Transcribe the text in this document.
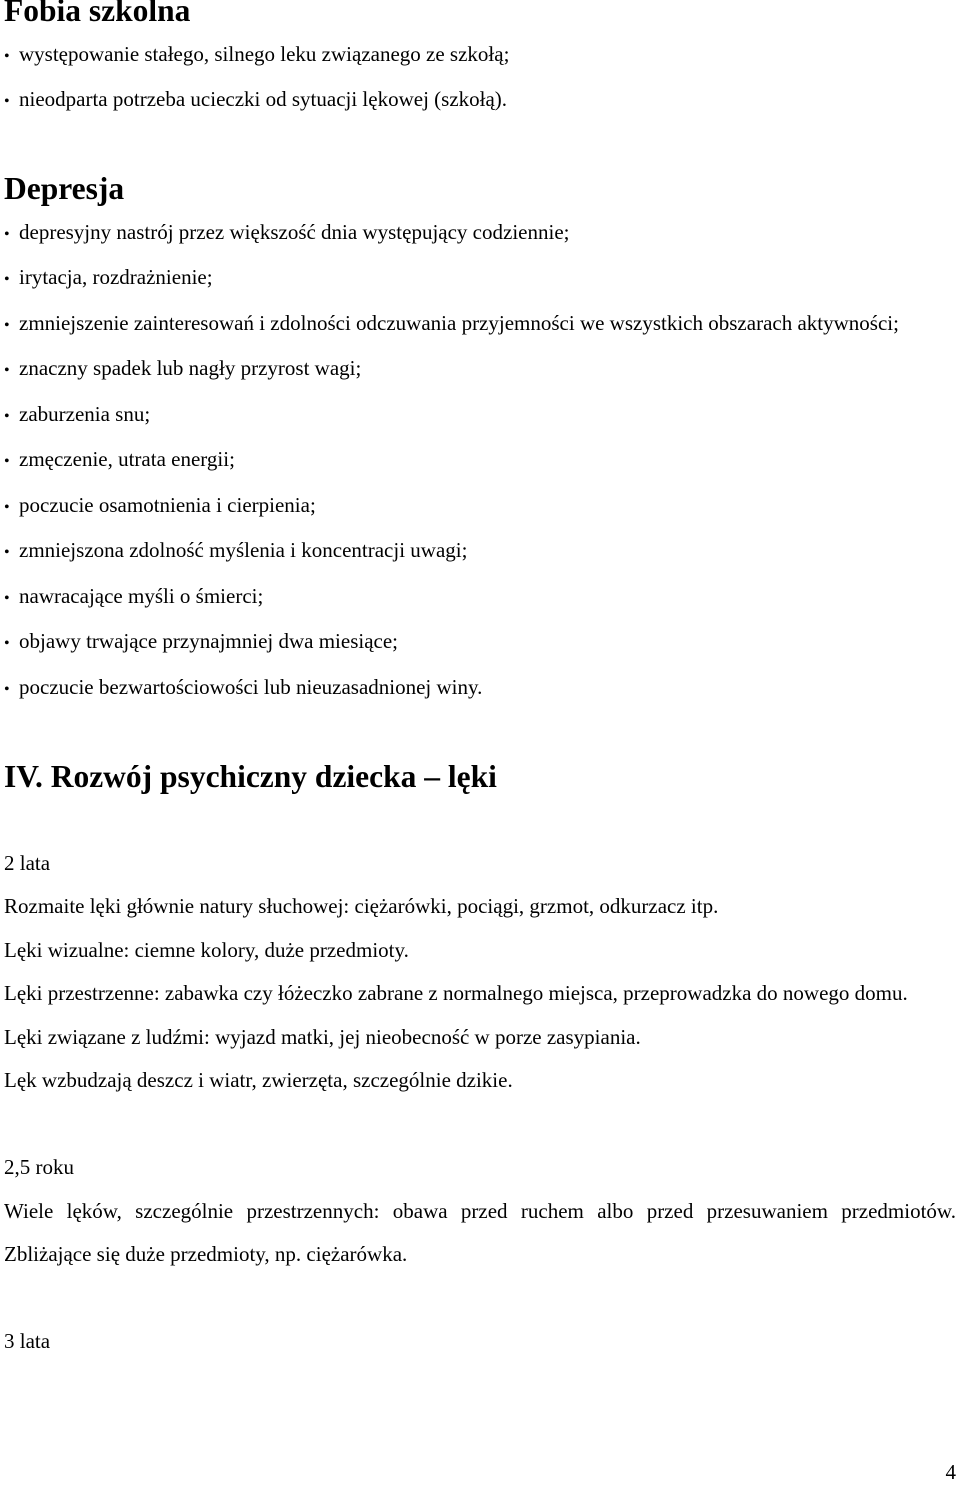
Fobia szkolna
• występowanie stałego, silnego leku związanego ze szkołą;
• nieodparta potrzeba ucieczki od sytuacji lękowej (szkołą).
Depresja
• depresyjny nastrój przez większość dnia występujący codziennie;
• irytacja, rozdrażnienie;
• zmniejszenie zainteresowań i zdolności odczuwania przyjemności we wszystkich obszarach aktywności;
• znaczny spadek lub nagły przyrost wagi;
• zaburzenia snu;
• zmęczenie, utrata energii;
• poczucie osamotnienia i cierpienia;
• zmniejszona zdolność myślenia i koncentracji uwagi;
• nawracające myśli o śmierci;
• objawy trwające przynajmniej dwa miesiące;
• poczucie bezwartościowości lub nieuzasadnionej winy.
IV. Rozwój psychiczny dziecka – lęki

2 lata

Rozmaite lęki głównie natury słuchowej: ciężarówki, pociągi, grzmot, odkurzacz itp.

Lęki wizualne: ciemne kolory, duże przedmioty.

Lęki przestrzenne: zabawka czy łóżeczko zabrane z normalnego miejsca, przeprowadzka do nowego domu.

Lęki związane z ludźmi: wyjazd matki, jej nieobecność w porze zasypiania.

Lęk wzbudzają deszcz i wiatr, zwierzęta, szczególnie dzikie.

2,5 roku

Wiele lęków, szczególnie przestrzennych: obawa przed ruchem albo przed przesuwaniem przedmiotów. Zbliżające się duże przedmioty, np. ciężarówka.

3 lata

4
